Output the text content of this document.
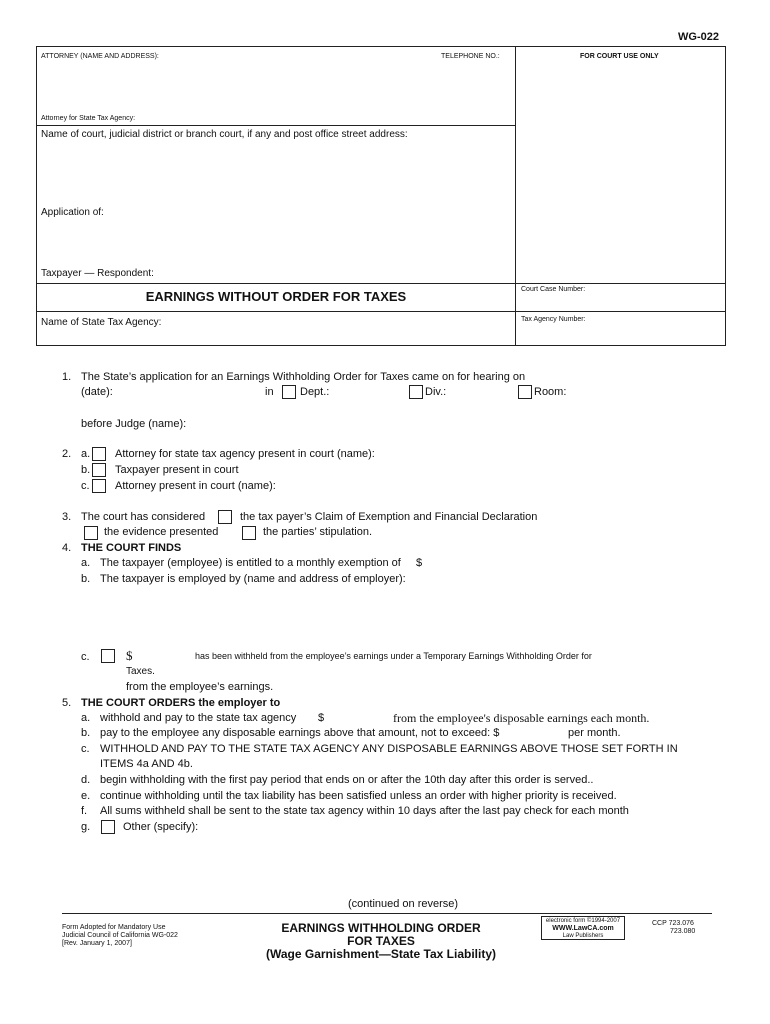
WG-022
ATTORNEY (NAME AND ADDRESS):	TELEPHONE NO.:	FOR COURT USE ONLY
Attorney for State Tax Agency:
Name of court, judicial district or branch court, if any and post office street address:
Application of:
Taxpayer — Respondent:
Court Case Number:
EARNINGS WITHOUT ORDER FOR TAXES
Name of State Tax Agency:	Tax Agency Number:
1. The State’s application for an Earnings Withholding Order for Taxes came on for hearing on
(date):	in Dept.:	Div.:	Room:
before Judge (name):
2. a. Attorney for state tax agency present in court (name):
b. Taxpayer present in court
c. Attorney present in court (name):
3. The court has considered	the tax payer’s Claim of Exemption and Financial Declaration
the evidence presented	the parties’ stipulation.
4. THE COURT FINDS
a. The taxpayer (employee) is entitled to a monthly exemption of $
b. The taxpayer is employed by (name and address of employer):
c.	$	has been withheld from the employee’s earnings under a Temporary Earnings Withholding Order for
Taxes.
from the employee’s earnings.
5. THE COURT ORDERS the employer to
a. withhold and pay to the state tax agency $	from the employee's disposable earnings each month.
b. pay to the employee any disposable earnings above that amount, not to exceed: $	per month.
c. WITHHOLD AND PAY TO THE STATE TAX AGENCY ANY DISPOSABLE EARNINGS ABOVE THOSE SET FORTH IN
ITEMS 4a AND 4b.
d. begin withholding with the first pay period that ends on or after the 10th day after this order is served..
e. continue withholding until the tax liability has been satisfied unless an order with higher priority is received.
f. All sums withheld shall be sent to the state tax agency within 10 days after the last pay check for each month
g.	Other (specify):
(continued on reverse)
Form Adopted for Mandatory Use
Judicial Council of California WG-022
[Rev. January 1, 2007]
EARNINGS WITHHOLDING ORDER
FOR TAXES
(Wage Garnishment—State Tax Liability)
electronic form ©1994-2007
WWW.LawCA.com
Law Publishers
CCP 723.076
723.080
